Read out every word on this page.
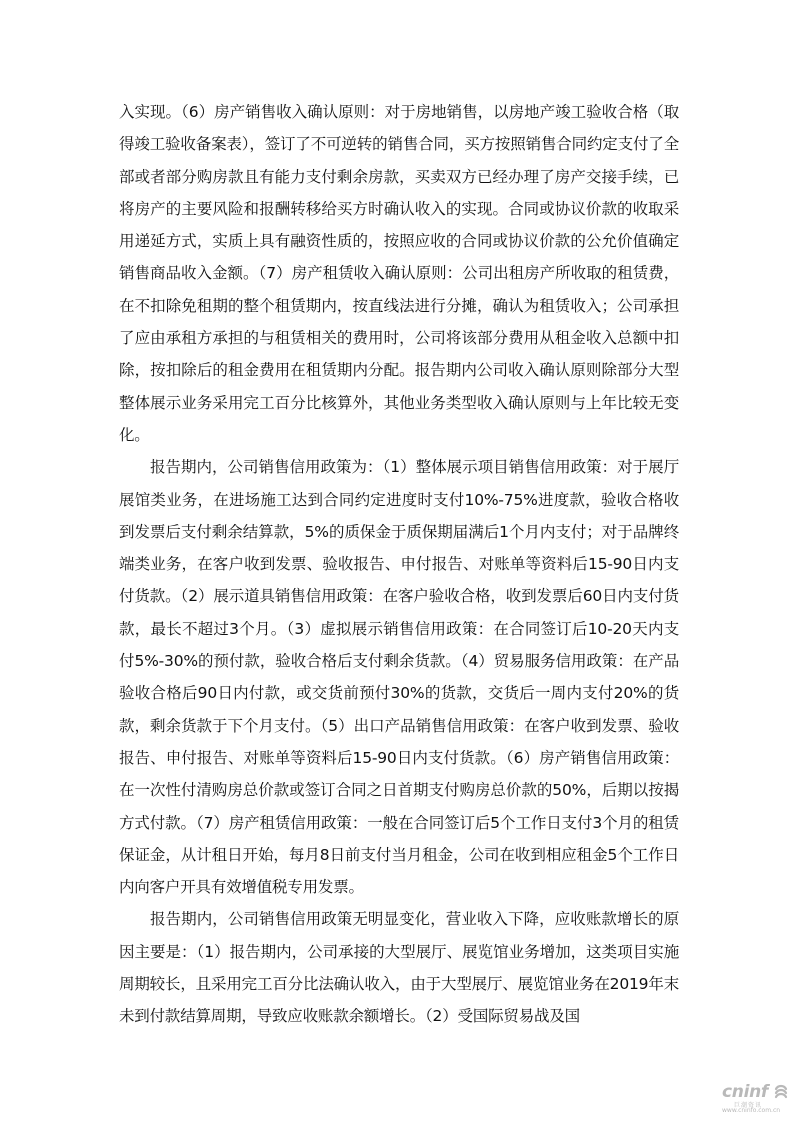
入实现。（6）房产销售收入确认原则：对于房地销售，以房地产竣工验收合格（取得竣工验收备案表），签订了不可逆转的销售合同，买方按照销售合同约定支付了全部或者部分购房款且有能力支付剩余房款，买卖双方已经办理了房产交接手续，已将房产的主要风险和报酬转移给买方时确认收入的实现。合同或协议价款的收取采用递延方式，实质上具有融资性质的，按照应收的合同或协议价款的公允价值确定销售商品收入金额。（7）房产租赁收入确认原则：公司出租房产所收取的租赁费，在不扣除免租期的整个租赁期内，按直线法进行分摊，确认为租赁收入；公司承担了应由承租方承担的与租赁相关的费用时，公司将该部分费用从租金收入总额中扣除，按扣除后的租金费用在租赁期内分配。报告期内公司收入确认原则除部分大型整体展示业务采用完工百分比核算外，其他业务类型收入确认原则与上年比较无变化。

报告期内，公司销售信用政策为：（1）整体展示项目销售信用政策：对于展厅展馆类业务，在进场施工达到合同约定进度时支付10%-75%进度款，验收合格收到发票后支付剩余结算款，5%的质保金于质保期届满后1个月内支付；对于品牌终端类业务，在客户收到发票、验收报告、申付报告、对账单等资料后15-90日内支付货款。（2）展示道具销售信用政策：在客户验收合格，收到发票后60日内支付货款，最长不超过3个月。（3）虚拟展示销售信用政策：在合同签订后10-20天内支付5%-30%的预付款，验收合格后支付剩余货款。（4）贸易服务信用政策：在产品验收合格后90日内付款，或交货前预付30%的货款，交货后一周内支付20%的货款，剩余货款于下个月支付。（5）出口产品销售信用政策：在客户收到发票、验收报告、申付报告、对账单等资料后15-90日内支付货款。（6）房产销售信用政策：在一次性付清购房总价款或签订合同之日首期支付购房总价款的50%，后期以按揭方式付款。（7）房产租赁信用政策：一般在合同签订后5个工作日支付3个月的租赁保证金，从计租日开始，每月8日前支付当月租金，公司在收到相应租金5个工作日内向客户开具有效增值税专用发票。

报告期内，公司销售信用政策无明显变化，营业收入下降，应收账款增长的原因主要是：（1）报告期内，公司承接的大型展厅、展览馆业务增加，这类项目实施周期较长，且采用完工百分比法确认收入，由于大型展厅、展览馆业务在2019年末未到付款结算周期，导致应收账款余额增长。（2）受国际贸易战及国

cninf
巨潮资讯
www.cninfo.com.cn
